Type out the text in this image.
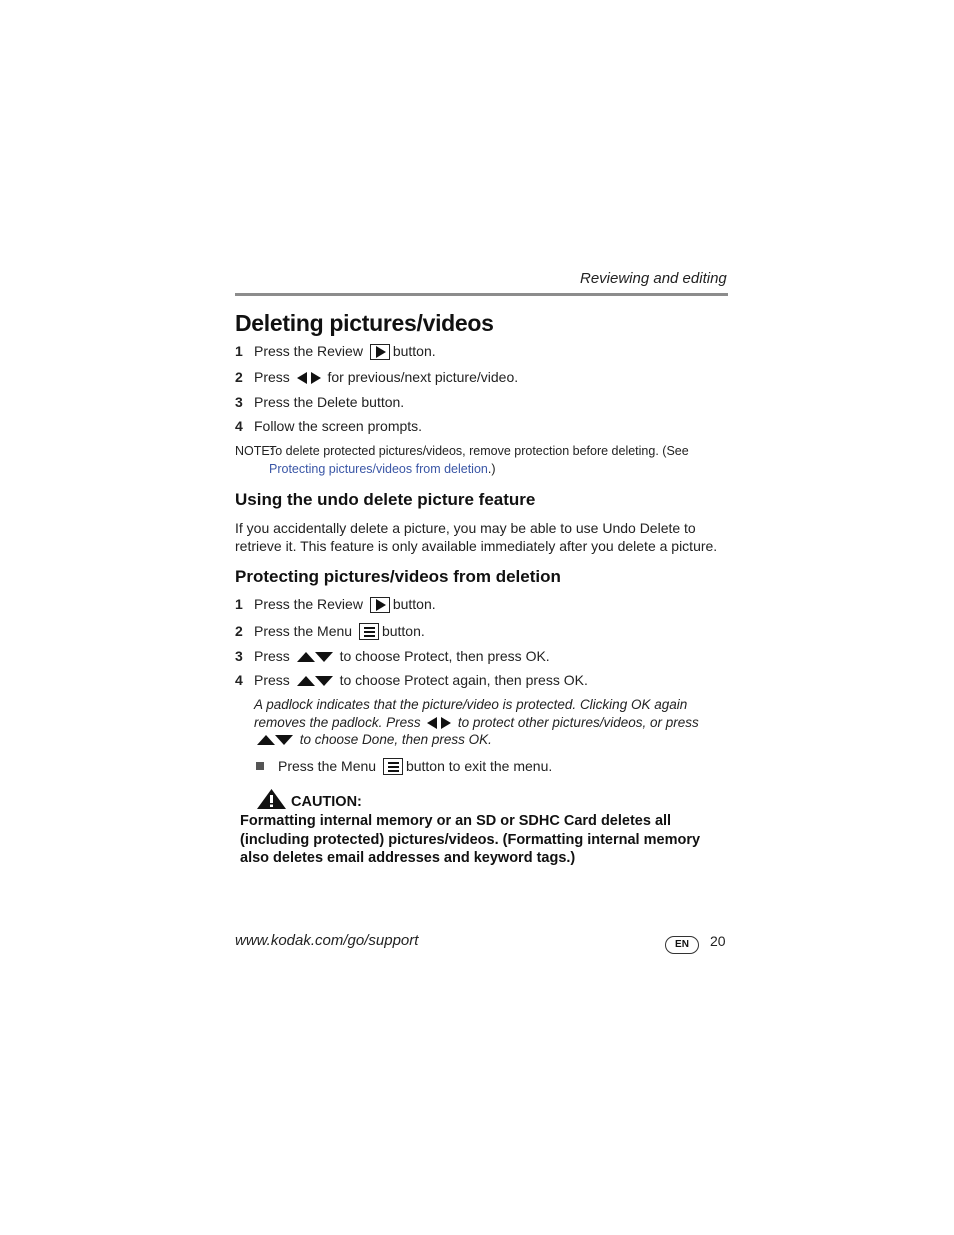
Reviewing and editing
Deleting pictures/videos
1 Press the Review button.
2 Press	for previous/next picture/video.
3 Press the Delete button.
4 Follow the screen prompts.
NOTE:
To delete protected pictures/videos, remove protection before deleting. (See Protecting pictures/videos from deletion.)
Using the undo delete picture feature
If you accidentally delete a picture, you may be able to use Undo Delete to retrieve it. This feature is only available immediately after you delete a picture.
Protecting pictures/videos from deletion
1 Press the Review button.
2 Press the Menu button.
3 Press	to choose Protect, then press OK.
4 Press	to choose Protect again, then press OK.
A padlock indicates that the picture/video is protected. Clicking OK again removes the padlock. Press	to protect other pictures/videos, or press  to choose Done, then press OK.
Press the Menu button to exit the menu.
CAUTION:
Formatting internal memory or an SD or SDHC Card deletes all (including protected) pictures/videos. (Formatting internal memory also deletes email addresses and keyword tags.)
www.kodak.com/go/support	EN	20
